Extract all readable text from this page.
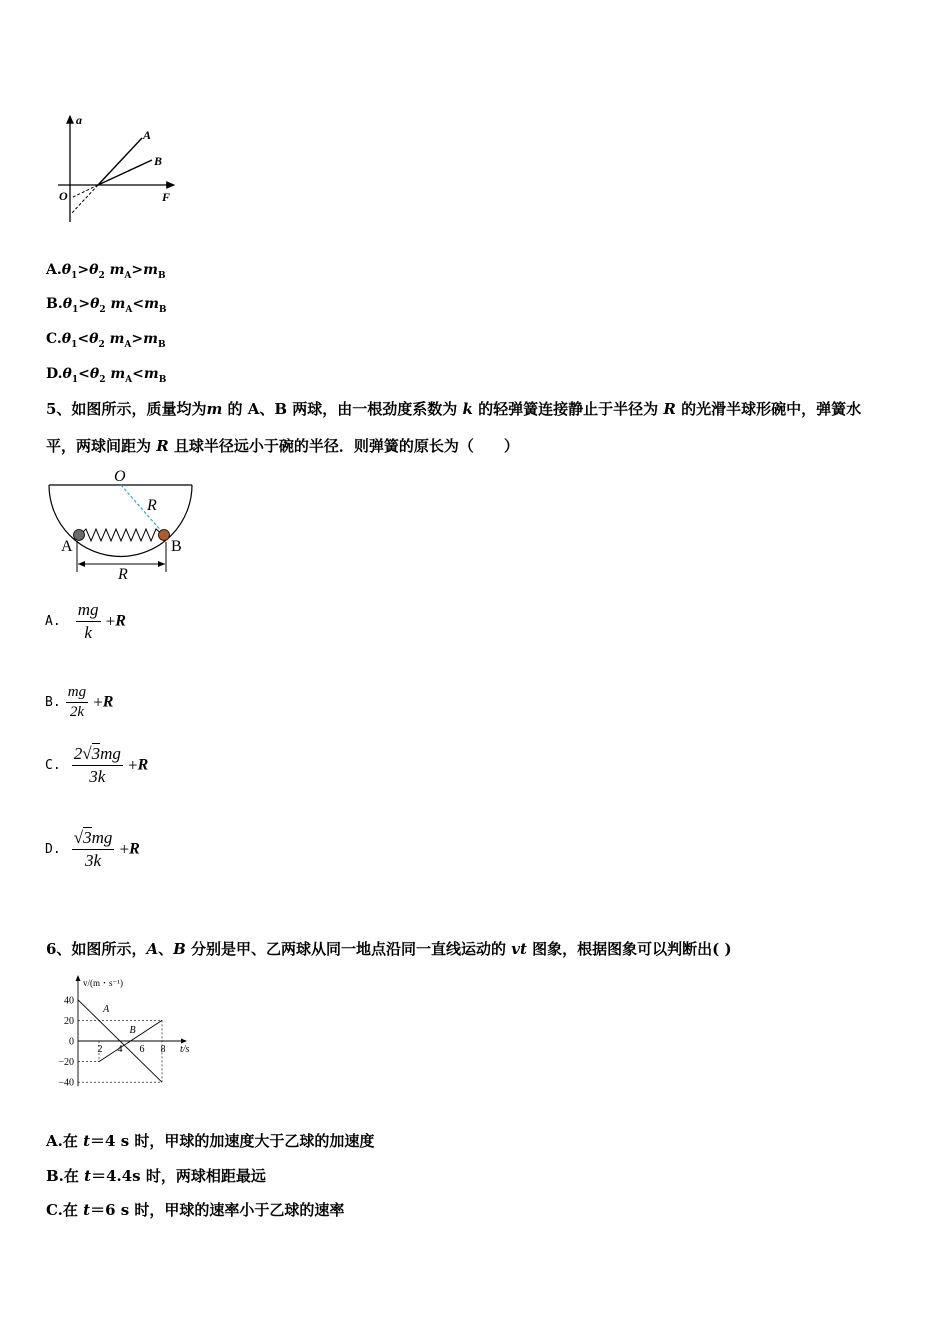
a
F
O
A
B
$A.\theta_1>\theta_2$ $m_A>m_B$
$B.\theta_1>\theta_2$ $m_A<m_B$
$C.\theta_1<\theta_2$ $m_A>m_B$
$D.\theta_1<\theta_2$ $m_A<m_B$
5、如图所示，质量均为m 的 A、B 两球，由一根劲度系数为 k 的轻弹簧连接静止于半径为 R 的光滑半球形碗中，弹簧水
平，两球间距为 R 且球半径远小于碗的半径．则弹簧的原长为（　　）
O
R
A	B
R
A. $\frac{mg}{k} +R$
B. $\frac{mg}{2k} +R$
C. $\frac{2√3mg}{3k} +R$
D. $\frac{√3mg}{3k} +R$
6、如图所示，A、B 分别是甲、乙两球从同一地点沿同一直线运动的 vt 图象，根据图象可以判断出( )
40
20
0
−20
−40
2 4 6 8
A
B
v/(m・s⁻¹)
t/s
A.在 t＝4 s 时，甲球的加速度大于乙球的加速度
B.在 t＝4.4s 时，两球相距最远
C.在 t＝6 s 时，甲球的速率小于乙球的速率
